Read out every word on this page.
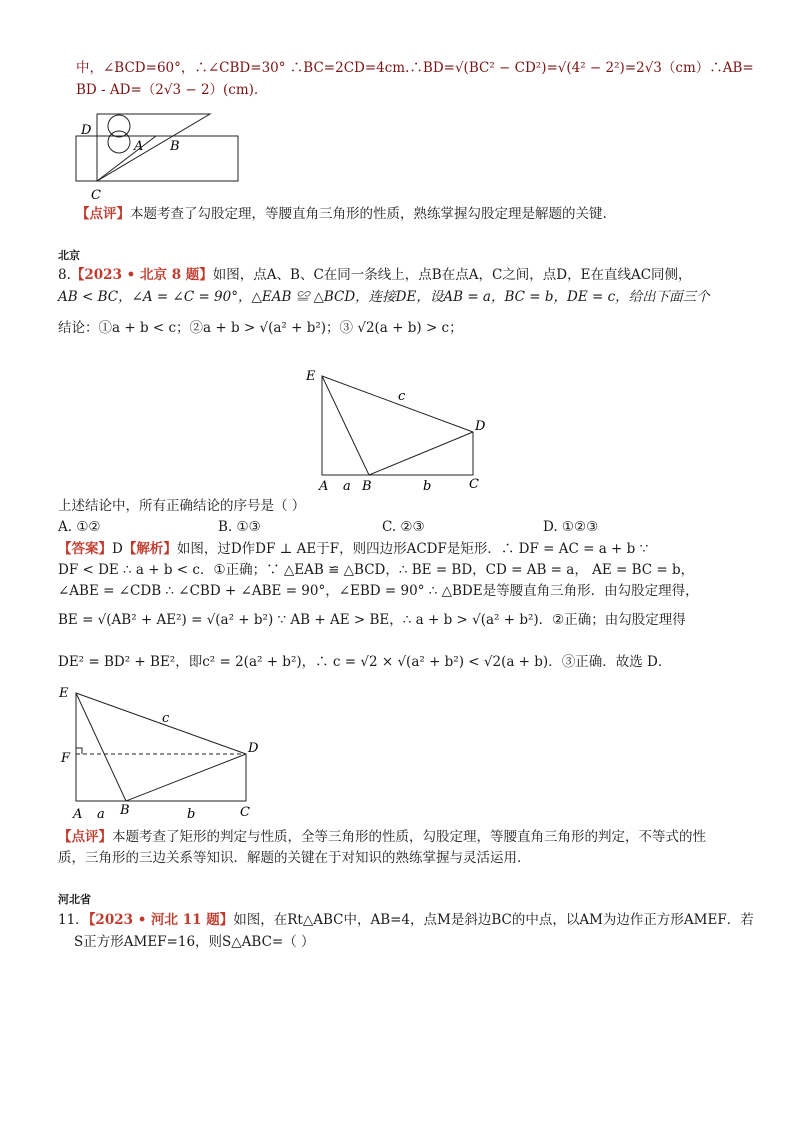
中，∠BCD=60°，∴∠CBD=30° ∴BC=2CD=4cm.∴BD=√(BC² − CD²)=√(4² − 2²)=2√3（cm）∴AB=
BD - AD=（2√3 − 2）(cm).
D
A B
C
【点评】本题考查了勾股定理，等腰直角三角形的性质，熟练掌握勾股定理是解题的关键.
北京
8.【2023 • 北京 8 题】如图，点A、B、C在同一条线上，点B在点A，C之间，点D，E在直线AC同侧，
AB < BC，∠A = ∠C = 90°，△EAB ≌ △BCD，连接DE，设AB = a，BC = b，DE = c，给出下面三个
结论：①a + b < c；②a + b > √(a² + b²)；③ √2(a + b) > c；
E
c
D
A a B	b	C
上述结论中，所有正确结论的序号是（ ）
A. ①②	B. ①③	C. ②③	D. ①②③
【答案】D【解析】如图，过D作DF ⊥ AE于F，则四边形ACDF是矩形．∴ DF = AC = a + b ∵
DF < DE ∴ a + b < c．①正确；∵ △EAB ≌ △BCD，∴ BE = BD，CD = AB = a， AE = BC = b，
∠ABE = ∠CDB ∴ ∠CBD + ∠ABE = 90°，∠EBD = 90° ∴ △BDE是等腰直角三角形．由勾股定理得，
BE = √(AB² + AE²) = √(a² + b²) ∵ AB + AE > BE，∴ a + b > √(a² + b²)．②正确；由勾股定理得
DE² = BD² + BE²，即c² = 2(a² + b²)，∴ c = √2 × √(a² + b²) < √2(a + b)．③正确．故选 D．
E
c
D
F
A a B	b	C
【点评】本题考查了矩形的判定与性质，全等三角形的性质，勾股定理，等腰直角三角形的判定，不等式的性
质，三角形的三边关系等知识．解题的关键在于对知识的熟练掌握与灵活运用．
河北省
11．【2023 • 河北 11 题】如图，在Rt△ABC中，AB=4，点M是斜边BC的中点，以AM为边作正方形AMEF．若
S正方形AMEF=16，则S△ABC=（ ）
